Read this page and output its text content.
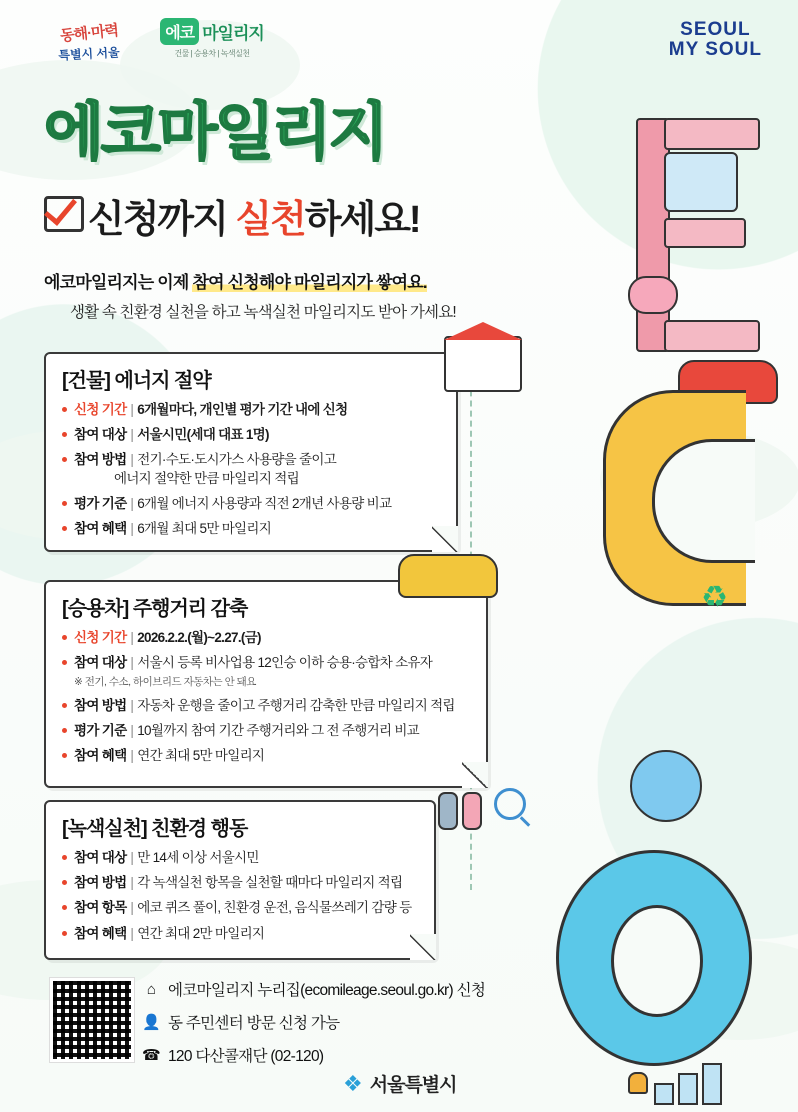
동해·마력
특별시 서울
에코 마일리지
건물 | 승용차 | 녹색실천
SEOUL
MY SOUL
에코마일리지
신청까지 실천하세요!
에코마일리지는 이제 참여 신청해야 마일리지가 쌓여요.
생활 속 친환경 실천을 하고 녹색실천 마일리지도 받아 가세요!
♻
[건물] 에너지 절약
신청 기간 | 6개월마다, 개인별 평가 기간 내에 신청
참여 대상 | 서울시민(세대 대표 1명)
참여 방법 | 전기·수도·도시가스 사용량을 줄이고
에너지 절약한 만큼 마일리지 적립
평가 기준 | 6개월 에너지 사용량과 직전 2개년 사용량 비교
참여 혜택 | 6개월 최대 5만 마일리지
[승용차] 주행거리 감축
신청 기간 | 2026.2.2.(월)~2.27.(금)
참여 대상 | 서울시 등록 비사업용 12인승 이하 승용·승합차 소유자
※ 전기, 수소, 하이브리드 자동차는 안 돼요
참여 방법 | 자동차 운행을 줄이고 주행거리 감축한 만큼 마일리지 적립
평가 기준 | 10월까지 참여 기간 주행거리와 그 전 주행거리 비교
참여 혜택 | 연간 최대 5만 마일리지
[녹색실천] 친환경 행동
참여 대상 | 만 14세 이상 서울시민
참여 방법 | 각 녹색실천 항목을 실천할 때마다 마일리지 적립
참여 항목 | 에코 퀴즈 풀이, 친환경 운전, 음식물쓰레기 감량 등
참여 혜택 | 연간 최대 2만 마일리지
⌂ 에코마일리지 누리집(ecomileage.seoul.go.kr) 신청
👤 동 주민센터 방문 신청 가능
☎ 120 다산콜재단 (02-120)
❖ 서울특별시
